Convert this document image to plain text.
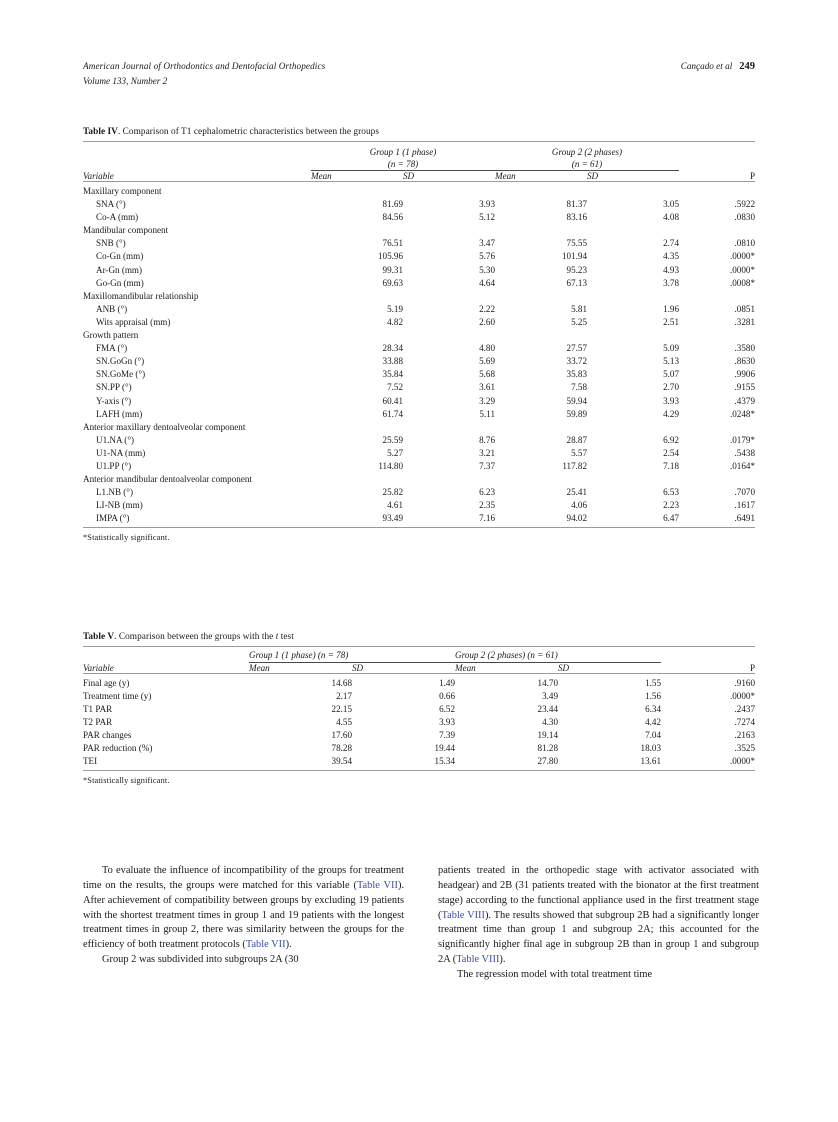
American Journal of Orthodontics and Dentofacial Orthopedics	Cançado et al 249
Volume 133, Number 2
Table IV. Comparison of T1 cephalometric characteristics between the groups

	Group 1 (1 phase)
(n = 78)		Group 2 (2 phases)
(n = 61)		

Variable	Mean	SD	Mean	SD	P

Maxillary component					
SNA (°)	81.69	3.93	81.37	3.05	.5922
Co-A (mm)	84.56	5.12	83.16	4.08	.0830
Mandibular component					
SNB (°)	76.51	3.47	75.55	2.74	.0810
Co-Gn (mm)	105.96	5.76	101.94	4.35	.0000*
Ar-Gn (mm)	99.31	5.30	95.23	4.93	.0000*
Go-Gn (mm)	69.63	4.64	67.13	3.78	.0008*
Maxillomandibular relationship					
ANB (°)	5.19	2.22	5.81	1.96	.0851
Wits appraisal (mm)	4.82	2.60	5.25	2.51	.3281
Growth pattern					
FMA (°)	28.34	4.80	27.57	5.09	.3580
SN.GoGn (°)	33.88	5.69	33.72	5.13	.8630
SN.GoMe (°)	35.84	5.68	35.83	5.07	.9906
SN.PP (°)	7.52	3.61	7.58	2.70	.9155
Y-axis (°)	60.41	3.29	59.94	3.93	.4379
LAFH (mm)	61.74	5.11	59.89	4.29	.0248*
Anterior maxillary dentoalveolar component					
U1.NA (°)	25.59	8.76	28.87	6.92	.0179*
U1-NA (mm)	5.27	3.21	5.57	2.54	.5438
U1.PP (°)	114.80	7.37	117.82	7.18	.0164*
Anterior mandibular dentoalveolar component					
L1.NB (°)	25.82	6.23	25.41	6.53	.7070
LI-NB (mm)	4.61	2.35	4.06	2.23	.1617
IMPA (°)	93.49	7.16	94.02	6.47	.6491

*Statistically significant.
Table V. Comparison between the groups with the t test

	Group 1 (1 phase) (n = 78)		Group 2 (2 phases) (n = 61)		

Variable	Mean	SD	Mean	SD	P

Final age (y)	14.68	1.49	14.70	1.55	.9160
Treatment time (y)	2.17	0.66	3.49	1.56	.0000*
T1 PAR	22.15	6.52	23.44	6.34	.2437
T2 PAR	4.55	3.93	4.30	4.42	.7274
PAR changes	17.60	7.39	19.14	7.04	.2163
PAR reduction (%)	78.28	19.44	81.28	18.03	.3525
TEI	39.54	15.34	27.80	13.61	.0000*

*Statistically significant.

To evaluate the influence of incompatibility of the groups for treatment time on the results, the groups were matched for this variable (Table VII). After achievement of compatibility between groups by excluding 19 patients with the shortest treatment times in group 1 and 19 patients with the longest treatment times in group 2, there was similarity between the groups for the efficiency of both treatment protocols (Table VII).

Group 2 was subdivided into subgroups 2A (30

patients treated in the orthopedic stage with activator associated with headgear) and 2B (31 patients treated with the bionator at the first treatment stage) according to the functional appliance used in the first treatment stage (Table VIII). The results showed that subgroup 2B had a significantly longer treatment time than group 1 and subgroup 2A; this accounted for the significantly higher final age in subgroup 2B than in group 1 and subgroup 2A (Table VIII).

The regression model with total treatment time
